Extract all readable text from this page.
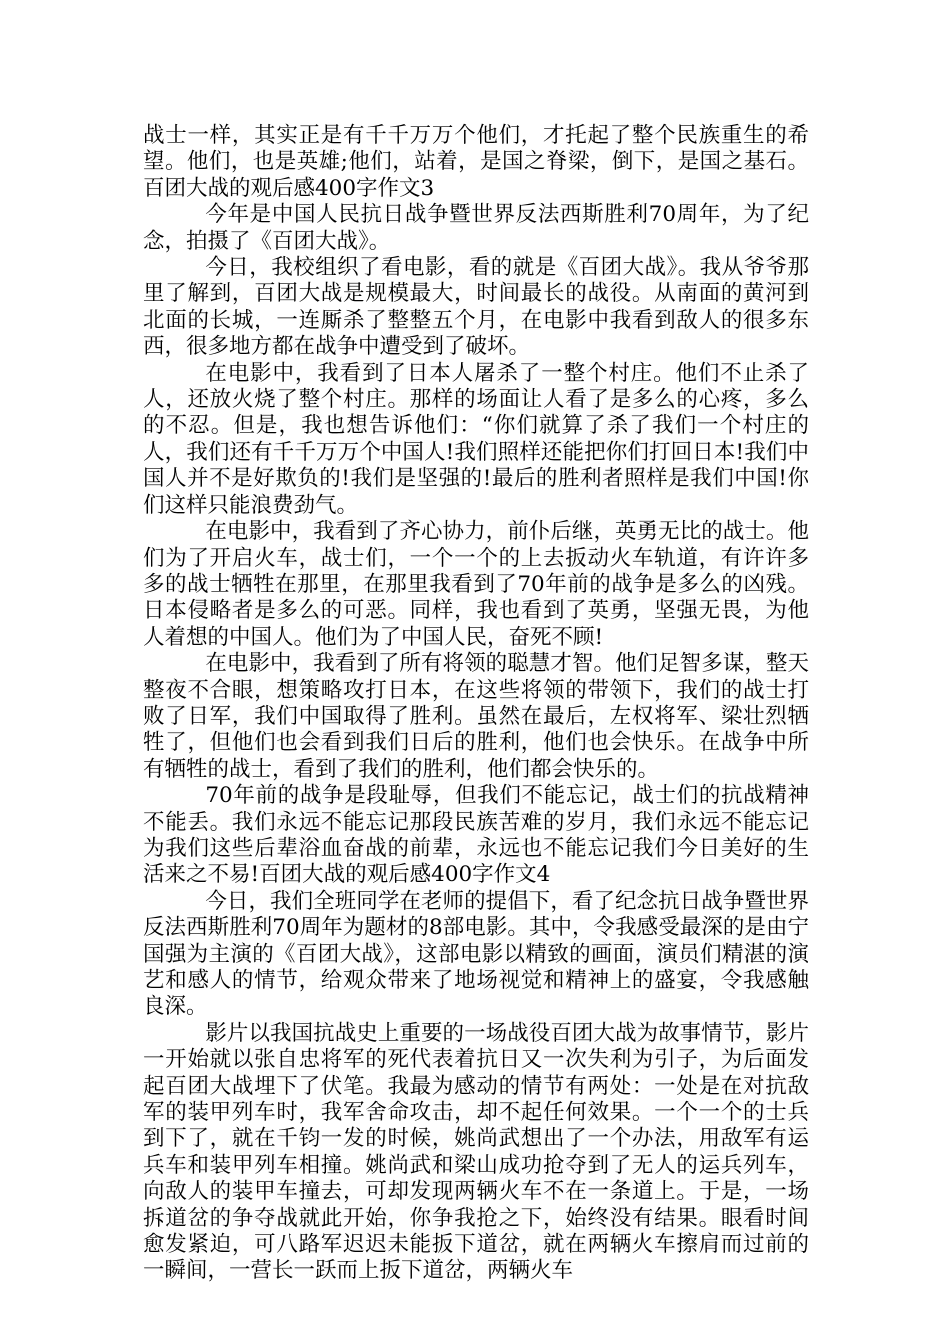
战士一样，其实正是有千千万万个他们，才托起了整个民族重生的希望。他们，也是英雄;他们，站着，是国之脊梁，倒下，是国之基石。百团大战的观后感400字作文3

今年是中国人民抗日战争暨世界反法西斯胜利70周年，为了纪念，拍摄了《百团大战》。

今日，我校组织了看电影，看的就是《百团大战》。我从爷爷那里了解到，百团大战是规模最大，时间最长的战役。从南面的黄河到北面的长城，一连厮杀了整整五个月，在电影中我看到敌人的很多东西，很多地方都在战争中遭受到了破坏。

在电影中，我看到了日本人屠杀了一整个村庄。他们不止杀了人，还放火烧了整个村庄。那样的场面让人看了是多么的心疼，多么的不忍。但是，我也想告诉他们：“你们就算了杀了我们一个村庄的人，我们还有千千万万个中国人!我们照样还能把你们打回日本!我们中国人并不是好欺负的!我们是坚强的!最后的胜利者照样是我们中国!你们这样只能浪费劲气。

在电影中，我看到了齐心协力，前仆后继，英勇无比的战士。他们为了开启火车，战士们，一个一个的上去扳动火车轨道，有许许多多的战士牺牲在那里，在那里我看到了70年前的战争是多么的凶残。日本侵略者是多么的可恶。同样，我也看到了英勇，坚强无畏，为他人着想的中国人。他们为了中国人民，奋死不顾!

在电影中，我看到了所有将领的聪慧才智。他们足智多谋，整天整夜不合眼，想策略攻打日本，在这些将领的带领下，我们的战士打败了日军，我们中国取得了胜利。虽然在最后，左权将军、梁壮烈牺牲了，但他们也会看到我们日后的胜利，他们也会快乐。在战争中所有牺牲的战士，看到了我们的胜利，他们都会快乐的。

70年前的战争是段耻辱，但我们不能忘记，战士们的抗战精神不能丢。我们永远不能忘记那段民族苦难的岁月，我们永远不能忘记为我们这些后辈浴血奋战的前辈，永远也不能忘记我们今日美好的生活来之不易!百团大战的观后感400字作文4

今日，我们全班同学在老师的提倡下，看了纪念抗日战争暨世界反法西斯胜利70周年为题材的8部电影。其中，令我感受最深的是由宁国强为主演的《百团大战》，这部电影以精致的画面，演员们精湛的演艺和感人的情节，给观众带来了地场视觉和精神上的盛宴，令我感触良深。

影片以我国抗战史上重要的一场战役百团大战为故事情节，影片一开始就以张自忠将军的死代表着抗日又一次失利为引子，为后面发起百团大战埋下了伏笔。我最为感动的情节有两处：一处是在对抗敌军的装甲列车时，我军舍命攻击，却不起任何效果。一个一个的士兵到下了，就在千钧一发的时候，姚尚武想出了一个办法，用敌军有运兵车和装甲列车相撞。姚尚武和梁山成功抢夺到了无人的运兵列车，向敌人的装甲车撞去，可却发现两辆火车不在一条道上。于是，一场拆道岔的争夺战就此开始，你争我抢之下，始终没有结果。眼看时间愈发紧迫，可八路军迟迟未能扳下道岔，就在两辆火车擦肩而过前的一瞬间，一营长一跃而上扳下道岔，两辆火车
